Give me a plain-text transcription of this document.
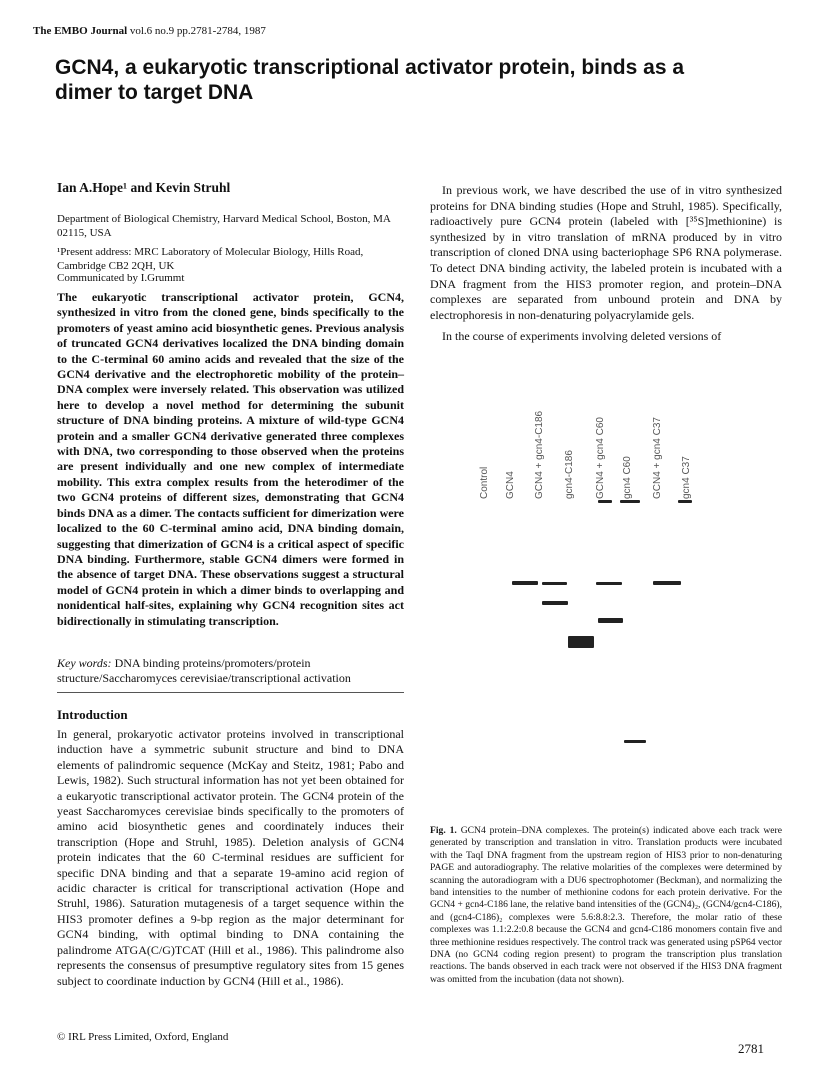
The EMBO Journal vol.6 no.9 pp.2781-2784, 1987
GCN4, a eukaryotic transcriptional activator protein, binds as a dimer to target DNA
Ian A.Hope¹ and Kevin Struhl
Department of Biological Chemistry, Harvard Medical School, Boston, MA 02115, USA
¹Present address: MRC Laboratory of Molecular Biology, Hills Road, Cambridge CB2 2QH, UK
Communicated by I.Grummt
The eukaryotic transcriptional activator protein, GCN4, synthesized in vitro from the cloned gene, binds specifically to the promoters of yeast amino acid biosynthetic genes. Previous analysis of truncated GCN4 derivatives localized the DNA binding domain to the C-terminal 60 amino acids and revealed that the size of the GCN4 derivative and the electrophoretic mobility of the protein–DNA complex were inversely related. This observation was utilized here to develop a novel method for determining the subunit structure of DNA binding proteins. A mixture of wild-type GCN4 protein and a smaller GCN4 derivative generated three complexes with DNA, two corresponding to those observed when the proteins are present individually and one new complex of intermediate mobility. This extra complex results from the heterodimer of the two GCN4 proteins of different sizes, demonstrating that GCN4 binds DNA as a dimer. The contacts sufficient for dimerization were localized to the 60 C-terminal amino acid, DNA binding domain, suggesting that dimerization of GCN4 is a critical aspect of specific DNA binding. Furthermore, stable GCN4 dimers were formed in the absence of target DNA. These observations suggest a structural model of GCN4 protein in which a dimer binds to overlapping and nonidentical half-sites, explaining why GCN4 recognition sites act bidirectionally in stimulating transcription.
Key words: DNA binding proteins/promoters/protein structure/Saccharomyces cerevisiae/transcriptional activation
Introduction
In general, prokaryotic activator proteins involved in transcriptional induction have a symmetric subunit structure and bind to DNA elements of palindromic sequence (McKay and Steitz, 1981; Pabo and Lewis, 1982). Such structural information has not yet been obtained for a eukaryotic transcriptional activator protein. The GCN4 protein of the yeast Saccharomyces cerevisiae binds specifically to the promoters of amino acid biosynthetic genes and coordinately induces their transcription (Hope and Struhl, 1985). Deletion analysis of GCN4 protein indicates that the 60 C-terminal residues are sufficient for specific DNA binding and that a separate 19-amino acid region of acidic character is critical for transcriptional activation (Hope and Struhl, 1986). Saturation mutagenesis of a target sequence within the HIS3 promoter defines a 9-bp region as the major determinant for GCN4 binding, with optimal binding to DNA containing the palindrome ATGA(C/G)TCAT (Hill et al., 1986). This palindrome also represents the consensus of presumptive regulatory sites from 15 genes subject to coordinate induction by GCN4 (Hill et al., 1986).
© IRL Press Limited, Oxford, England
2781

In previous work, we have described the use of in vitro synthesized proteins for DNA binding studies (Hope and Struhl, 1985). Specifically, radioactively pure GCN4 protein (labeled with [³⁵S]methionine) is synthesized by in vitro translation of mRNA produced by in vitro transcription of cloned DNA using bacteriophage SP6 RNA polymerase. To detect DNA binding activity, the labeled protein is incubated with a DNA fragment from the HIS3 promoter region, and protein–DNA complexes are separated from unbound protein and DNA by electrophoresis in non-denaturing polyacrylamide gels.

In the course of experiments involving deleted versions of

Control GCN4 GCN4 + gcn4-C186 gcn4-C186 GCN4 + gcn4 C60 gcn4 C60 GCN4 + gcn4 C37 gcn4 C37
Fig. 1. GCN4 protein–DNA complexes. The protein(s) indicated above each track were generated by transcription and translation in vitro. Translation products were incubated with the TaqI DNA fragment from the upstream region of HIS3 prior to non-denaturing PAGE and autoradiography. The relative molarities of the complexes were determined by scanning the autoradiogram with a DU6 spectrophotomer (Beckman), and normalizing the band intensities to the number of methionine codons for each protein derivative. For the GCN4 + gcn4-C186 lane, the relative band intensities of the (GCN4)₂, (GCN4/gcn4-C186), and (gcn4-C186)₂ complexes were 5.6:8.8:2.3. Therefore, the molar ratio of these complexes was 1.1:2.2:0.8 because the GCN4 and gcn4-C186 monomers contain five and three methionine residues respectively. The control track was generated using pSP64 vector DNA (no GCN4 coding region present) to program the transcription plus translation reactions. The bands observed in each track were not observed if the HIS3 DNA fragment was omitted from the incubation (data not shown).
